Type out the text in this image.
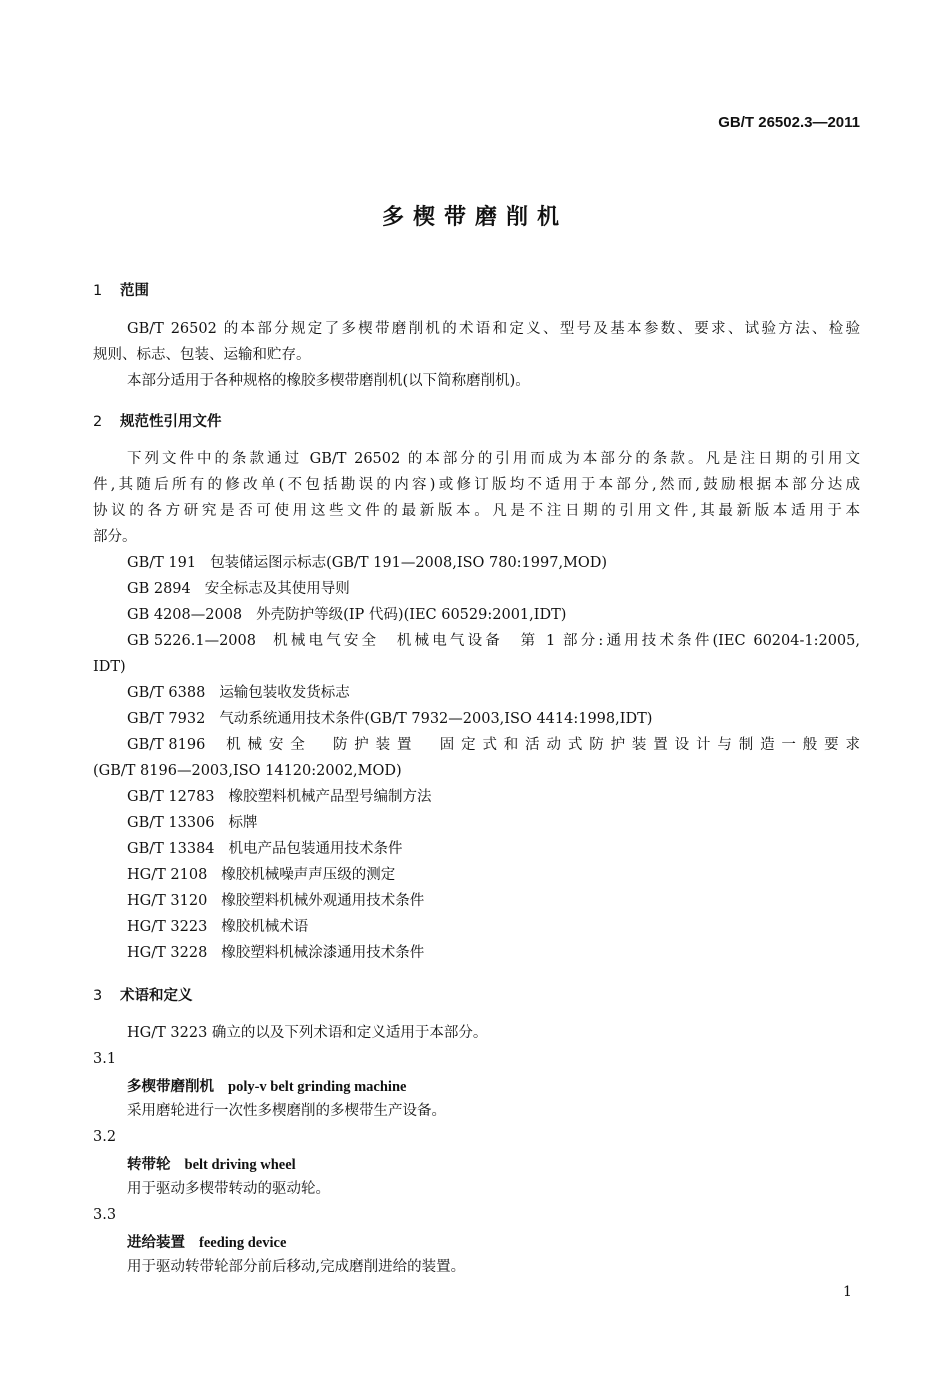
GB/T 26502.3—2011
多楔带磨削机
1 范围
GB/T 26502 的本部分规定了多楔带磨削机的术语和定义、型号及基本参数、要求、试验方法、检验
规则、标志、包装、运输和贮存。
本部分适用于各种规格的橡胶多楔带磨削机(以下简称磨削机)。
2 规范性引用文件
下列文件中的条款通过 GB/T 26502 的本部分的引用而成为本部分的条款。凡是注日期的引用文
件,其随后所有的修改单(不包括勘误的内容)或修订版均不适用于本部分,然而,鼓励根据本部分达成
协议的各方研究是否可使用这些文件的最新版本。凡是不注日期的引用文件,其最新版本适用于本
部分。
GB/T 191 包装储运图示标志(GB/T 191—2008,ISO 780:1997,MOD)
GB 2894 安全标志及其使用导则
GB 4208—2008 外壳防护等级(IP 代码)(IEC 60529:2001,IDT)
GB 5226.1—2008 机械电气安全　机械电气设备　第 1 部分:通用技术条件(IEC 60204-1:2005,
IDT)
GB/T 6388 运输包装收发货标志
GB/T 7932 气动系统通用技术条件(GB/T 7932—2003,ISO 4414:1998,IDT)
GB/T 8196 机械安全　防护装置　固定式和活动式防护装置设计与制造一般要求
(GB/T 8196—2003,ISO 14120:2002,MOD)
GB/T 12783 橡胶塑料机械产品型号编制方法
GB/T 13306 标牌
GB/T 13384 机电产品包装通用技术条件
HG/T 2108 橡胶机械噪声声压级的测定
HG/T 3120 橡胶塑料机械外观通用技术条件
HG/T 3223 橡胶机械术语
HG/T 3228 橡胶塑料机械涂漆通用技术条件
3 术语和定义
HG/T 3223 确立的以及下列术语和定义适用于本部分。
3.1
多楔带磨削机 poly-v belt grinding machine
采用磨轮进行一次性多楔磨削的多楔带生产设备。
3.2
转带轮 belt driving wheel
用于驱动多楔带转动的驱动轮。
3.3
进给装置 feeding device
用于驱动转带轮部分前后移动,完成磨削进给的装置。
1
